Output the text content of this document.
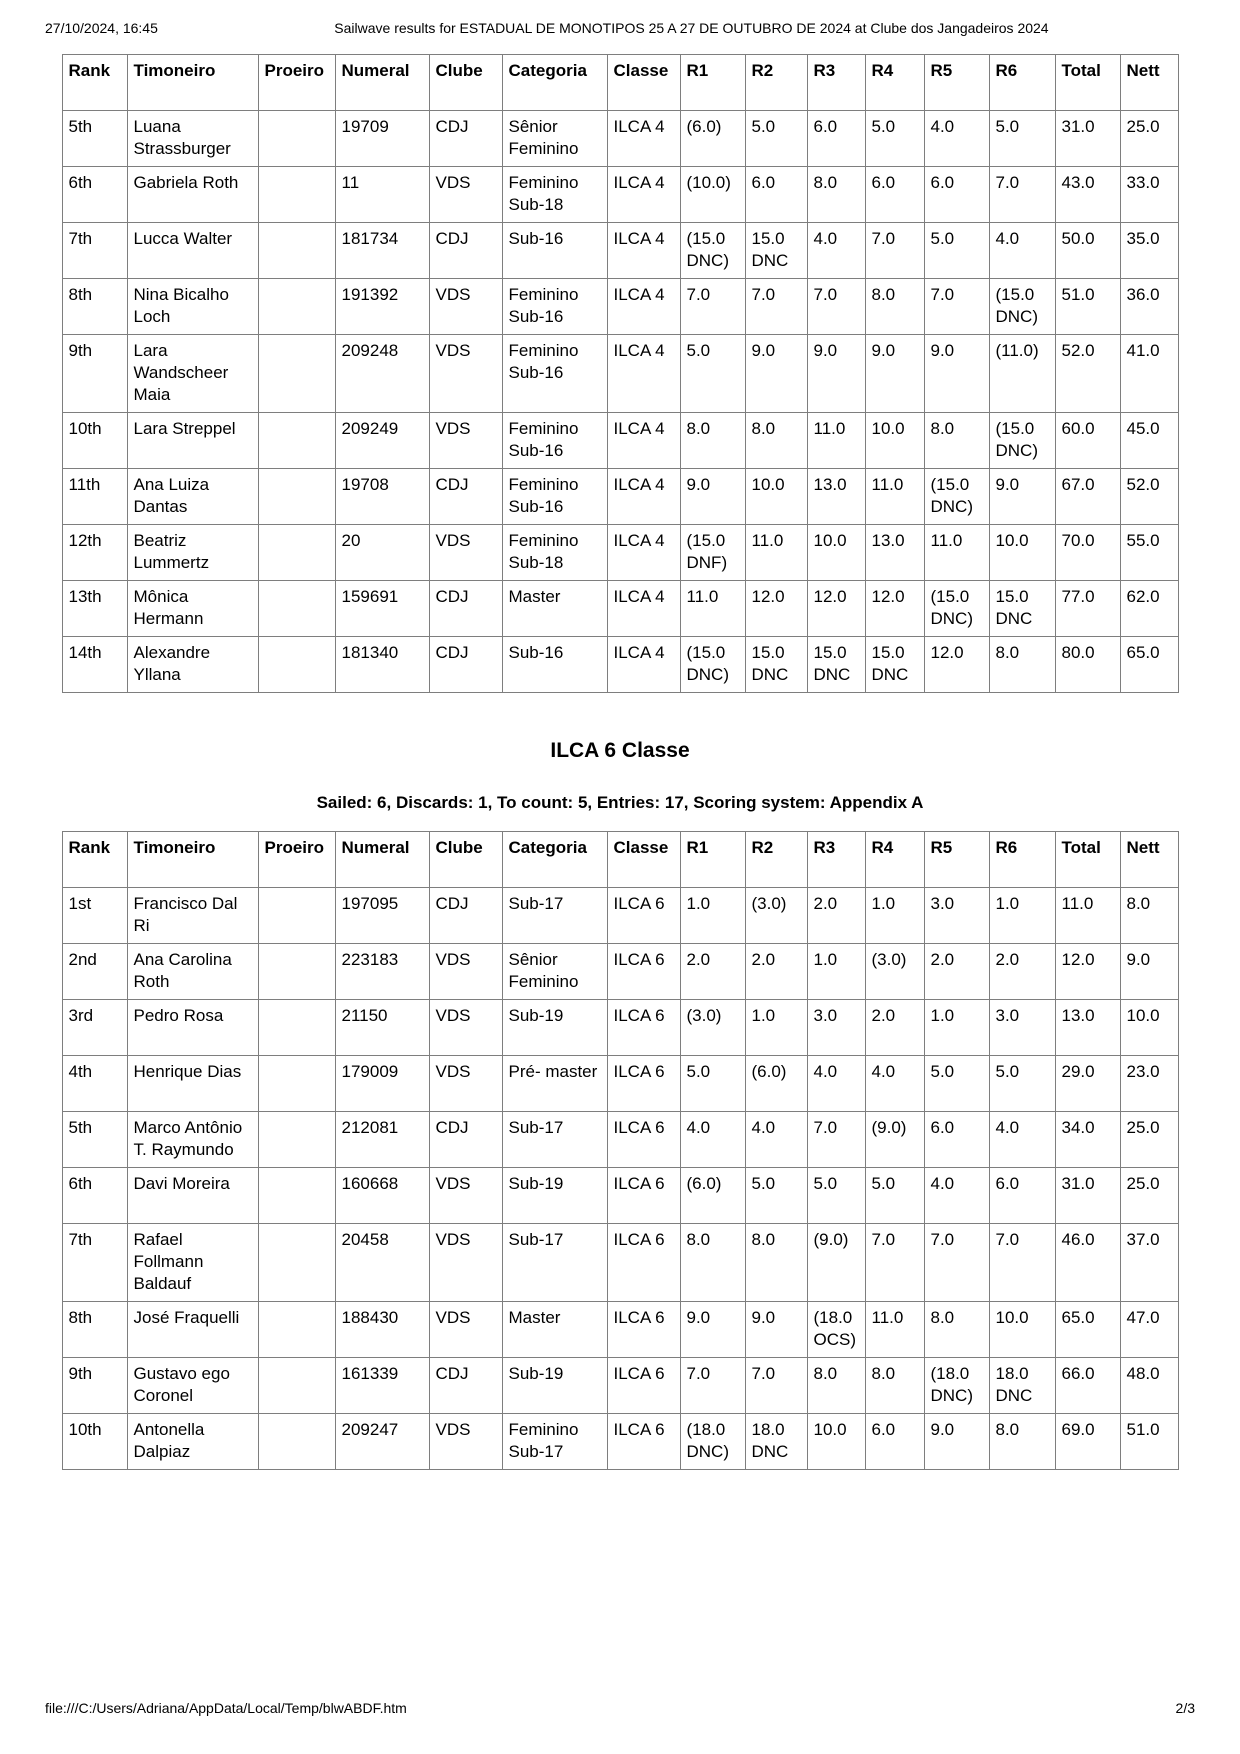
27/10/2024, 16:45	Sailwave results for ESTADUAL DE MONOTIPOS 25 A 27 DE OUTUBRO DE 2024 at Clube dos Jangadeiros 2024
Rank	Timoneiro	Proeiro	Numeral	Clube	Categoria	Classe	R1	R2	R3	R4	R5	R6	Total	Nett
5th	Luana Strassburger		19709	CDJ	Sênior Feminino	ILCA 4	(6.0)	5.0	6.0	5.0	4.0	5.0	31.0	25.0
6th	Gabriela Roth		11	VDS	Feminino Sub-18	ILCA 4	(10.0)	6.0	8.0	6.0	6.0	7.0	43.0	33.0
7th	Lucca Walter		181734	CDJ	Sub-16	ILCA 4	(15.0 DNC)	15.0 DNC	4.0	7.0	5.0	4.0	50.0	35.0
8th	Nina Bicalho Loch		191392	VDS	Feminino Sub-16	ILCA 4	7.0	7.0	7.0	8.0	7.0	(15.0 DNC)	51.0	36.0
9th	Lara Wandscheer Maia		209248	VDS	Feminino Sub-16	ILCA 4	5.0	9.0	9.0	9.0	9.0	(11.0)	52.0	41.0
10th	Lara Streppel		209249	VDS	Feminino Sub-16	ILCA 4	8.0	8.0	11.0	10.0	8.0	(15.0 DNC)	60.0	45.0
11th	Ana Luiza Dantas		19708	CDJ	Feminino Sub-16	ILCA 4	9.0	10.0	13.0	11.0	(15.0 DNC)	9.0	67.0	52.0
12th	Beatriz Lummertz		20	VDS	Feminino Sub-18	ILCA 4	(15.0 DNF)	11.0	10.0	13.0	11.0	10.0	70.0	55.0
13th	Mônica Hermann		159691	CDJ	Master	ILCA 4	11.0	12.0	12.0	12.0	(15.0 DNC)	15.0 DNC	77.0	62.0
14th	Alexandre Yllana		181340	CDJ	Sub-16	ILCA 4	(15.0 DNC)	15.0 DNC	15.0 DNC	15.0 DNC	12.0	8.0	80.0	65.0
ILCA 6 Classe
Sailed: 6, Discards: 1, To count: 5, Entries: 17, Scoring system: Appendix A
Rank	Timoneiro	Proeiro	Numeral	Clube	Categoria	Classe	R1	R2	R3	R4	R5	R6	Total	Nett
1st	Francisco Dal Ri		197095	CDJ	Sub-17	ILCA 6	1.0	(3.0)	2.0	1.0	3.0	1.0	11.0	8.0
2nd	Ana Carolina Roth		223183	VDS	Sênior Feminino	ILCA 6	2.0	2.0	1.0	(3.0)	2.0	2.0	12.0	9.0
3rd	Pedro Rosa		21150	VDS	Sub-19	ILCA 6	(3.0)	1.0	3.0	2.0	1.0	3.0	13.0	10.0
4th	Henrique Dias		179009	VDS	Pré- master	ILCA 6	5.0	(6.0)	4.0	4.0	5.0	5.0	29.0	23.0
5th	Marco Antônio T. Raymundo		212081	CDJ	Sub-17	ILCA 6	4.0	4.0	7.0	(9.0)	6.0	4.0	34.0	25.0
6th	Davi Moreira		160668	VDS	Sub-19	ILCA 6	(6.0)	5.0	5.0	5.0	4.0	6.0	31.0	25.0
7th	Rafael Follmann Baldauf		20458	VDS	Sub-17	ILCA 6	8.0	8.0	(9.0)	7.0	7.0	7.0	46.0	37.0
8th	José Fraquelli		188430	VDS	Master	ILCA 6	9.0	9.0	(18.0 OCS)	11.0	8.0	10.0	65.0	47.0
9th	Gustavo ego Coronel		161339	CDJ	Sub-19	ILCA 6	7.0	7.0	8.0	8.0	(18.0 DNC)	18.0 DNC	66.0	48.0
10th	Antonella Dalpiaz		209247	VDS	Feminino Sub-17	ILCA 6	(18.0 DNC)	18.0 DNC	10.0	6.0	9.0	8.0	69.0	51.0
file:///C:/Users/Adriana/AppData/Local/Temp/blwABDF.htm	2/3
